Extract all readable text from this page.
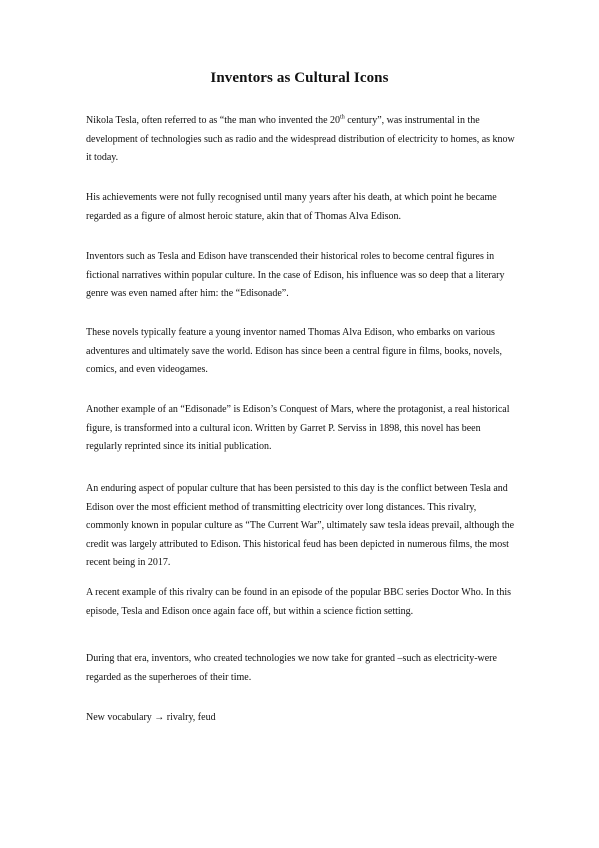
Inventors as Cultural Icons
Nikola Tesla, often referred to as “the man who invented the 20th century”, was instrumental in the development of technologies such as radio and the widespread distribution of electricity to homes, as know it today.
His achievements were not fully recognised until many years after his death, at which point he became regarded as a figure of almost heroic stature, akin that of Thomas Alva Edison.
Inventors such as Tesla and Edison have transcended their historical roles to become central figures in fictional narratives within popular culture. In the case of Edison, his influence was so deep that a literary genre was even named after him: the “Edisonade”.
These novels typically feature a young inventor named Thomas Alva Edison, who embarks on various adventures and ultimately save the world. Edison has since been a central figure in films, books, novels, comics, and even videogames.
Another example of an “Edisonade” is Edison’s Conquest of Mars, where the protagonist, a real historical figure, is transformed into a cultural icon. Written by Garret P. Serviss in 1898, this novel has been regularly reprinted since its initial publication.
An enduring aspect of popular culture that has been persisted to this day is the conflict between Tesla and Edison over the most efficient method of transmitting electricity over long distances. This rivalry, commonly known in popular culture as “The Current War”, ultimately saw tesla ideas prevail, although the credit was largely attributed to Edison. This historical feud has been depicted in numerous films, the most recent being in 2017.
A recent example of this rivalry can be found in an episode of the popular BBC series Doctor Who. In this episode, Tesla and Edison once again face off, but within a science fiction setting.
During that era, inventors, who created technologies we now take for granted –such as electricity-were regarded as the superheroes of their time.
New vocabulary → rivalry, feud
